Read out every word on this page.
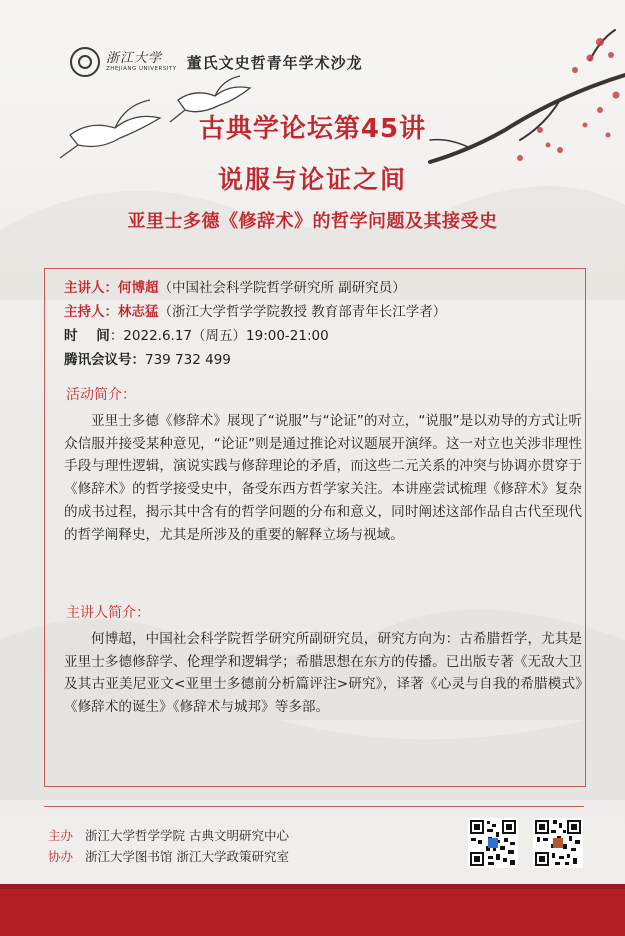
浙江大学
ZHEJIANG UNIVERSITY 董氏文史哲青年学术沙龙
古典学论坛第45讲
说服与论证之间
亚里士多德《修辞术》的哲学问题及其接受史
主讲人：何博超（中国社会科学院哲学研究所 副研究员）
主持人：林志猛（浙江大学哲学学院教授 教育部青年长江学者）
时    间：2022.6.17（周五）19:00-21:00
腾讯会议号：739 732 499
活动简介：
亚里士多德《修辞术》展现了“说服”与“论证”的对立，“说服”是以劝导的方式让听众信服并接受某种意见，“论证”则是通过推论对议题展开演绎。这一对立也关涉非理性手段与理性逻辑，演说实践与修辞理论的矛盾，而这些二元关系的冲突与协调亦贯穿于《修辞术》的哲学接受史中，备受东西方哲学家关注。本讲座尝试梳理《修辞术》复杂的成书过程，揭示其中含有的哲学问题的分布和意义，同时阐述这部作品自古代至现代的哲学阐释史，尤其是所涉及的重要的解释立场与视域。
主讲人简介：
何博超，中国社会科学院哲学研究所副研究员，研究方向为：古希腊哲学，尤其是亚里士多德修辞学、伦理学和逻辑学；希腊思想在东方的传播。已出版专著《无敌大卫及其古亚美尼亚文<亚里士多德前分析篇评注>研究》，译著《心灵与自我的希腊模式》《修辞术的诞生》《修辞术与城邦》等多部。
主办 浙江大学哲学学院 古典文明研究中心
协办 浙江大学图书馆 浙江大学政策研究室
